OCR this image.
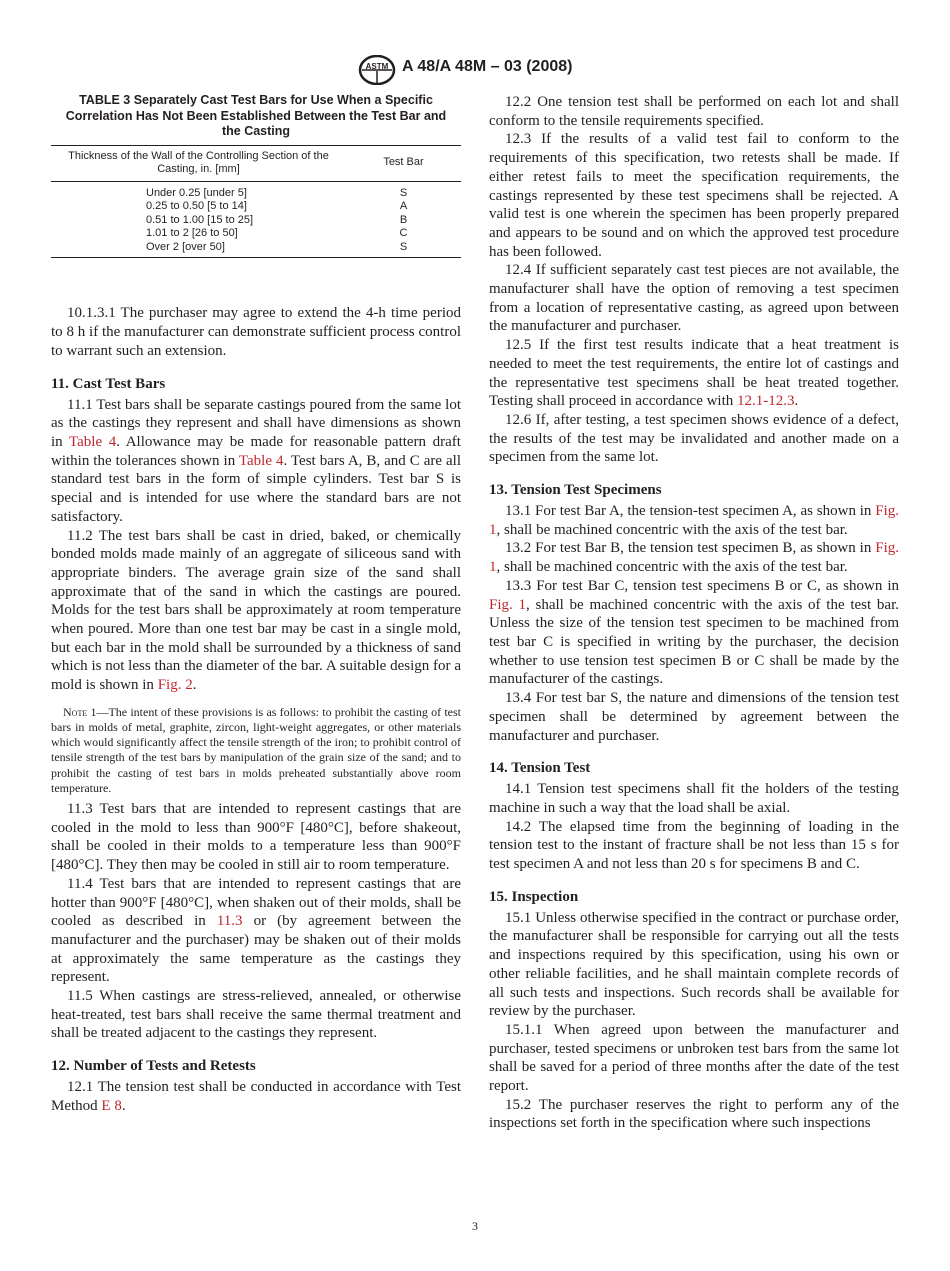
ASTM A 48/A 48M – 03 (2008)
TABLE 3 Separately Cast Test Bars for Use When a Specific Correlation Has Not Been Established Between the Test Bar and the Casting
Thickness of the Wall of the Controlling Section of the Casting, in. [mm]	Test Bar
Under 0.25 [under 5]	S
0.25 to 0.50 [5 to 14]	A
0.51 to 1.00 [15 to 25]	B
1.01 to 2 [26 to 50]	C
Over 2 [over 50]	S

10.1.3.1 The purchaser may agree to extend the 4-h time period to 8 h if the manufacturer can demonstrate sufficient process control to warrant such an extension.

11. Cast Test Bars

11.1 Test bars shall be separate castings poured from the same lot as the castings they represent and shall have dimensions as shown in Table 4. Allowance may be made for reasonable pattern draft within the tolerances shown in Table 4. Test bars A, B, and C are all standard test bars in the form of simple cylinders. Test bar S is special and is intended for use where the standard bars are not satisfactory.

11.2 The test bars shall be cast in dried, baked, or chemically bonded molds made mainly of an aggregate of siliceous sand with appropriate binders. The average grain size of the sand shall approximate that of the sand in which the castings are poured. Molds for the test bars shall be approximately at room temperature when poured. More than one test bar may be cast in a single mold, but each bar in the mold shall be surrounded by a thickness of sand which is not less than the diameter of the bar. A suitable design for a mold is shown in Fig. 2.

Note 1—The intent of these provisions is as follows: to prohibit the casting of test bars in molds of metal, graphite, zircon, light-weight aggregates, or other materials which would significantly affect the tensile strength of the iron; to prohibit control of tensile strength of the test bars by manipulation of the grain size of the sand; and to prohibit the casting of test bars in molds preheated substantially above room temperature.

11.3 Test bars that are intended to represent castings that are cooled in the mold to less than 900°F [480°C], before shakeout, shall be cooled in their molds to a temperature less than 900°F [480°C]. They then may be cooled in still air to room temperature.

11.4 Test bars that are intended to represent castings that are hotter than 900°F [480°C], when shaken out of their molds, shall be cooled as described in 11.3 or (by agreement between the manufacturer and the purchaser) may be shaken out of their molds at approximately the same temperature as the castings they represent.

11.5 When castings are stress-relieved, annealed, or otherwise heat-treated, test bars shall receive the same thermal treatment and shall be treated adjacent to the castings they represent.

12. Number of Tests and Retests

12.1 The tension test shall be conducted in accordance with Test Method E 8.

12.2 One tension test shall be performed on each lot and shall conform to the tensile requirements specified.

12.3 If the results of a valid test fail to conform to the requirements of this specification, two retests shall be made. If either retest fails to meet the specification requirements, the castings represented by these test specimens shall be rejected. A valid test is one wherein the specimen has been properly prepared and appears to be sound and on which the approved test procedure has been followed.

12.4 If sufficient separately cast test pieces are not available, the manufacturer shall have the option of removing a test specimen from a location of representative casting, as agreed upon between the manufacturer and purchaser.

12.5 If the first test results indicate that a heat treatment is needed to meet the test requirements, the entire lot of castings and the representative test specimens shall be heat treated together. Testing shall proceed in accordance with 12.1-12.3.

12.6 If, after testing, a test specimen shows evidence of a defect, the results of the test may be invalidated and another made on a specimen from the same lot.

13. Tension Test Specimens

13.1 For test Bar A, the tension-test specimen A, as shown in Fig. 1, shall be machined concentric with the axis of the test bar.

13.2 For test Bar B, the tension test specimen B, as shown in Fig. 1, shall be machined concentric with the axis of the test bar.

13.3 For test Bar C, tension test specimens B or C, as shown in Fig. 1, shall be machined concentric with the axis of the test bar. Unless the size of the tension test specimen to be machined from test bar C is specified in writing by the purchaser, the decision whether to use tension test specimen B or C shall be made by the manufacturer of the castings.

13.4 For test bar S, the nature and dimensions of the tension test specimen shall be determined by agreement between the manufacturer and purchaser.

14. Tension Test

14.1 Tension test specimens shall fit the holders of the testing machine in such a way that the load shall be axial.

14.2 The elapsed time from the beginning of loading in the tension test to the instant of fracture shall be not less than 15 s for test specimen A and not less than 20 s for specimens B and C.

15. Inspection

15.1 Unless otherwise specified in the contract or purchase order, the manufacturer shall be responsible for carrying out all the tests and inspections required by this specification, using his own or other reliable facilities, and he shall maintain complete records of all such tests and inspections. Such records shall be available for review by the purchaser.

15.1.1 When agreed upon between the manufacturer and purchaser, tested specimens or unbroken test bars from the same lot shall be saved for a period of three months after the date of the test report.

15.2 The purchaser reserves the right to perform any of the inspections set forth in the specification where such inspections

3
